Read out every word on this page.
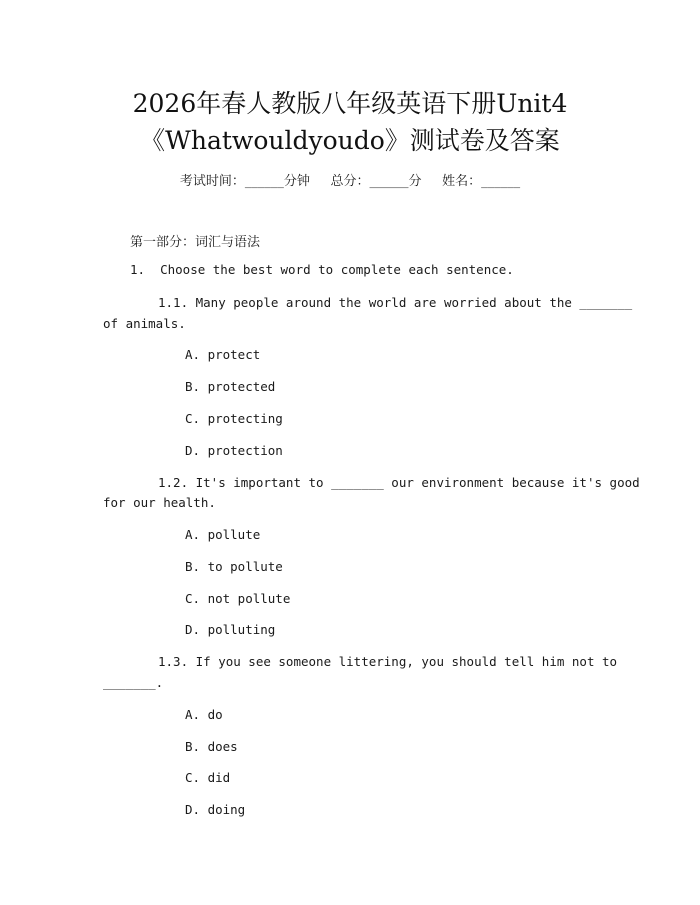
2026年春人教版八年级英语下册Unit4
《Whatwouldyoudo》测试卷及答案
考试时间：______分钟     总分：______分     姓名：______
第一部分：词汇与语法
1.  Choose the best word to complete each sentence.
1.1. Many people around the world are worried about the _______
of animals.
A. protect
B. protected
C. protecting
D. protection
1.2. It's important to _______ our environment because it's good
for our health.
A. pollute
B. to pollute
C. not pollute
D. polluting
1.3. If you see someone littering, you should tell him not to
_______.
A. do
B. does
C. did
D. doing
